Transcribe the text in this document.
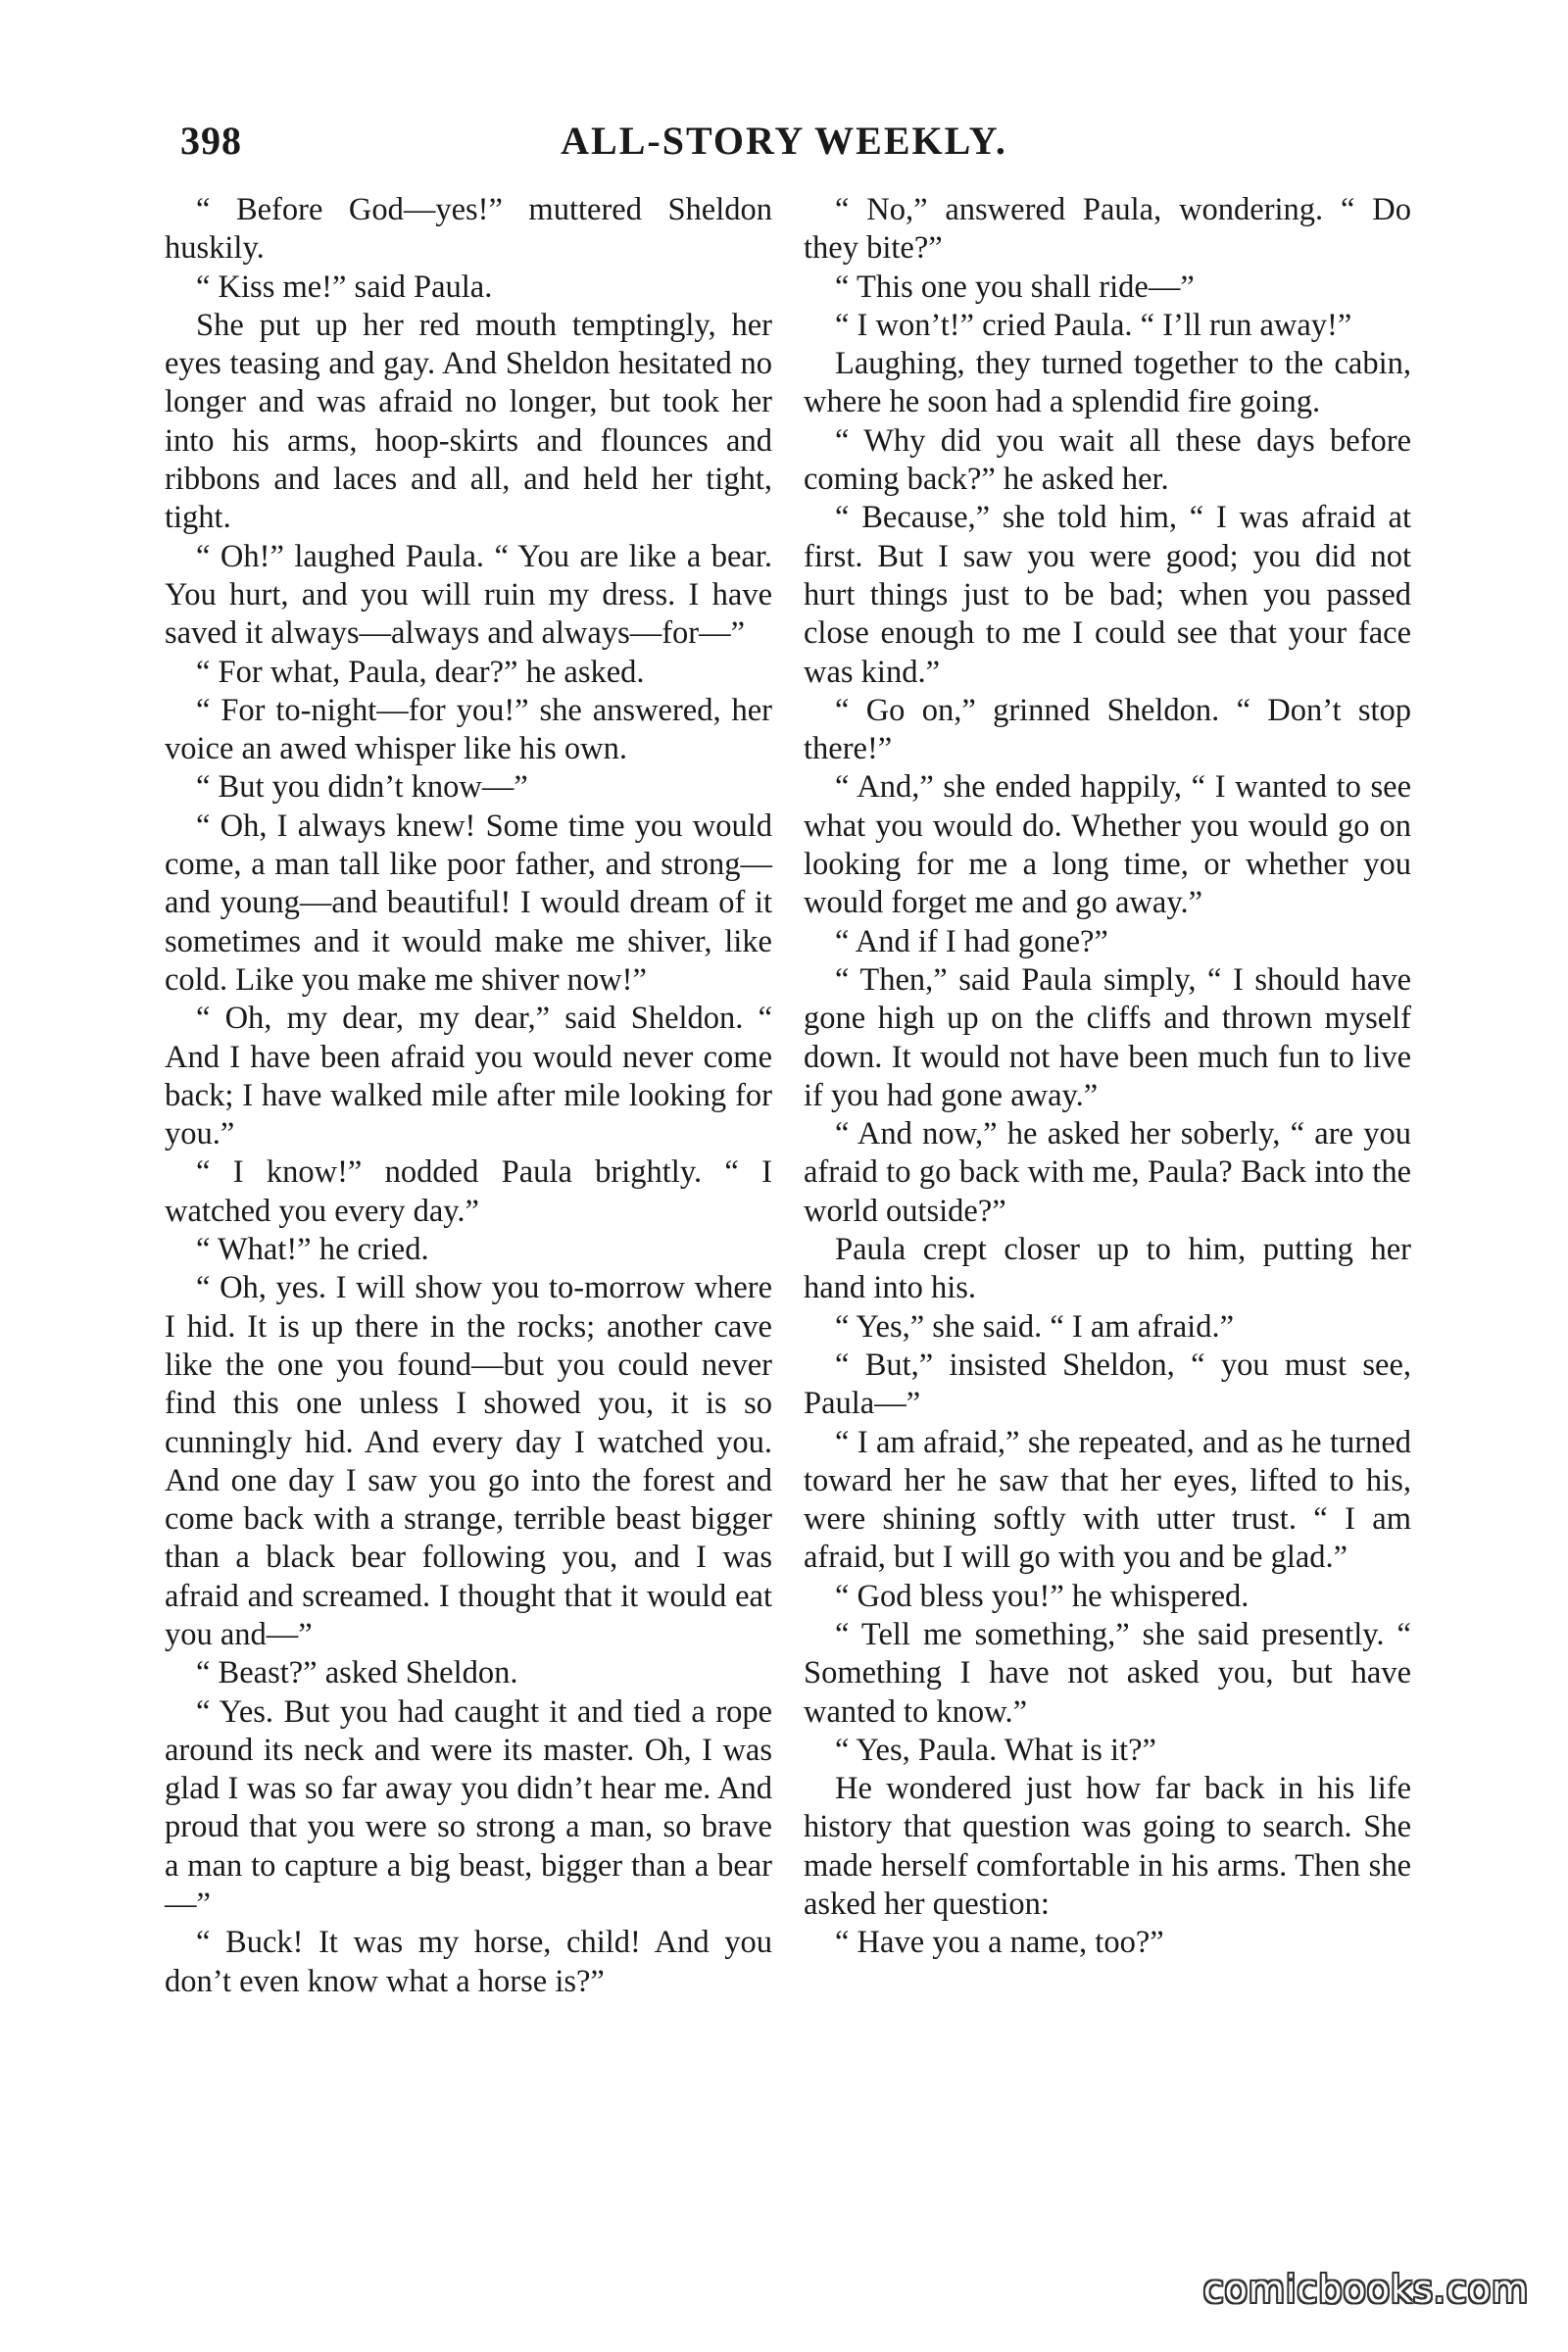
398	ALL-STORY WEEKLY.

“ Before God—yes!” muttered Sheldon huskily.

“ Kiss me!” said Paula.

She put up her red mouth temptingly, her eyes teasing and gay. And Sheldon hesitated no longer and was afraid no longer, but took her into his arms, hoop-skirts and flounces and ribbons and laces and all, and held her tight, tight.

“ Oh!” laughed Paula. “ You are like a bear. You hurt, and you will ruin my dress. I have saved it always—always and always—for—”

“ For what, Paula, dear?” he asked.

“ For to-night—for you!” she answered, her voice an awed whisper like his own.

“ But you didn’t know—”

“ Oh, I always knew! Some time you would come, a man tall like poor father, and strong—and young—and beautiful! I would dream of it sometimes and it would make me shiver, like cold. Like you make me shiver now!”

“ Oh, my dear, my dear,” said Sheldon. “ And I have been afraid you would never come back; I have walked mile after mile looking for you.”

“ I know!” nodded Paula brightly. “ I watched you every day.”

“ What!” he cried.

“ Oh, yes. I will show you to-morrow where I hid. It is up there in the rocks; another cave like the one you found—but you could never find this one unless I showed you, it is so cunningly hid. And every day I watched you. And one day I saw you go into the forest and come back with a strange, terrible beast bigger than a black bear following you, and I was afraid and screamed. I thought that it would eat you and—”

“ Beast?” asked Sheldon.

“ Yes. But you had caught it and tied a rope around its neck and were its master. Oh, I was glad I was so far away you didn’t hear me. And proud that you were so strong a man, so brave a man to capture a big beast, bigger than a bear—”

“ Buck! It was my horse, child! And you don’t even know what a horse is?”

“ No,” answered Paula, wondering. “ Do they bite?”

“ This one you shall ride—”

“ I won’t!” cried Paula. “ I’ll run away!”

Laughing, they turned together to the cabin, where he soon had a splendid fire going.

“ Why did you wait all these days before coming back?” he asked her.

“ Because,” she told him, “ I was afraid at first. But I saw you were good; you did not hurt things just to be bad; when you passed close enough to me I could see that your face was kind.”

“ Go on,” grinned Sheldon. “ Don’t stop there!”

“ And,” she ended happily, “ I wanted to see what you would do. Whether you would go on looking for me a long time, or whether you would forget me and go away.”

“ And if I had gone?”

“ Then,” said Paula simply, “ I should have gone high up on the cliffs and thrown myself down. It would not have been much fun to live if you had gone away.”

“ And now,” he asked her soberly, “ are you afraid to go back with me, Paula? Back into the world outside?”

Paula crept closer up to him, putting her hand into his.

“ Yes,” she said. “ I am afraid.”

“ But,” insisted Sheldon, “ you must see, Paula—”

“ I am afraid,” she repeated, and as he turned toward her he saw that her eyes, lifted to his, were shining softly with utter trust. “ I am afraid, but I will go with you and be glad.”

“ God bless you!” he whispered.

“ Tell me something,” she said presently. “ Something I have not asked you, but have wanted to know.”

“ Yes, Paula. What is it?”

He wondered just how far back in his life history that question was going to search. She made herself comfortable in his arms. Then she asked her question:

“ Have you a name, too?”

comicbooks.com
